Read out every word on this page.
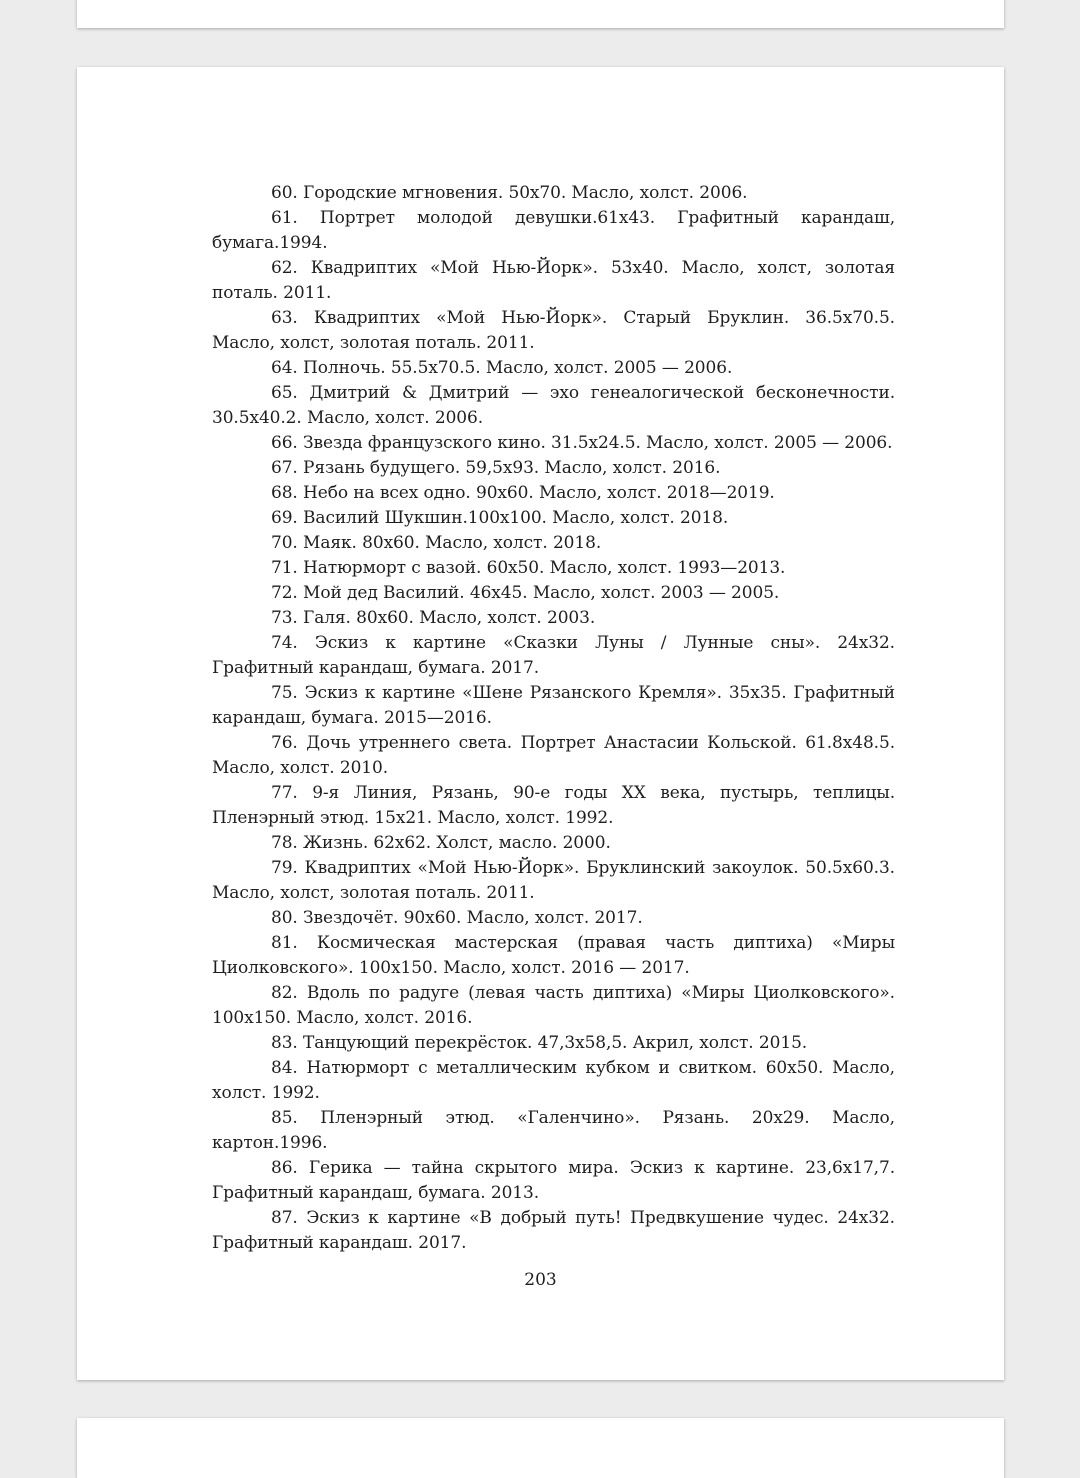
60. Городские мгновения. 50х70. Масло, холст. 2006.

61. Портрет молодой девушки.61х43. Графитный карандаш, бумага.1994.

62. Квадриптих «Мой Нью-Йорк». 53х40. Масло, холст, золотая поталь. 2011.

63. Квадриптих «Мой Нью-Йорк». Старый Бруклин. 36.5х70.5. Масло, холст, золотая поталь. 2011.

64. Полночь. 55.5х70.5. Масло, холст. 2005 — 2006.

65. Дмитрий & Дмитрий — эхо генеалогической бесконечности. 30.5х40.2. Масло, холст. 2006.

66. Звезда французского кино. 31.5х24.5. Масло, холст. 2005 — 2006.

67. Рязань будущего. 59,5х93. Масло, холст. 2016.

68. Небо на всех одно. 90х60. Масло, холст. 2018—2019.

69. Василий Шукшин.100х100. Масло, холст. 2018.

70. Маяк. 80х60. Масло, холст. 2018.

71. Натюрморт с вазой. 60х50. Масло, холст. 1993—2013.

72. Мой дед Василий. 46х45. Масло, холст. 2003 — 2005.

73. Галя. 80х60. Масло, холст. 2003.

74. Эскиз к картине «Сказки Луны / Лунные сны». 24х32. Графитный карандаш, бумага. 2017.

75. Эскиз к картине «Шене Рязанского Кремля». 35х35. Графитный карандаш, бумага. 2015—2016.

76. Дочь утреннего света. Портрет Анастасии Кольской. 61.8х48.5. Масло, холст. 2010.

77. 9-я Линия, Рязань, 90-е годы ХХ века, пустырь, теплицы. Пленэрный этюд. 15х21. Масло, холст. 1992.

78. Жизнь. 62х62. Холст, масло. 2000.

79. Квадриптих «Мой Нью-Йорк». Бруклинский закоулок. 50.5х60.3. Масло, холст, золотая поталь. 2011.

80. Звездочёт. 90х60. Масло, холст. 2017.

81. Космическая мастерская (правая часть диптиха) «Миры Циолковского». 100х150. Масло, холст. 2016 — 2017.

82. Вдоль по радуге (левая часть диптиха) «Миры Циолковского». 100х150. Масло, холст. 2016.

83. Танцующий перекрёсток. 47,3х58,5. Акрил, холст. 2015.

84. Натюрморт с металлическим кубком и свитком. 60х50. Масло, холст. 1992.

85. Пленэрный этюд. «Галенчино». Рязань. 20х29. Масло, картон.1996.

86. Герика — тайна скрытого мира. Эскиз к картине. 23,6х17,7. Графитный карандаш, бумага. 2013.

87. Эскиз к картине «В добрый путь! Предвкушение чудес. 24х32. Графитный карандаш. 2017.

203
